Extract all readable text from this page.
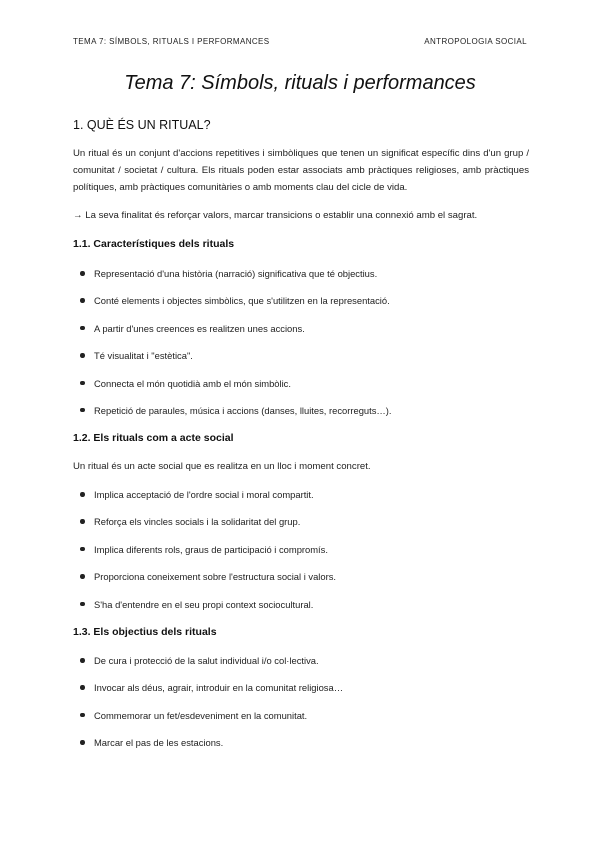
TEMA 7: SÍMBOLS, RITUALS I PERFORMANCES	ANTROPOLOGIA SOCIAL
Tema 7: Símbols, rituals i performances
1. QUÈ ÉS UN RITUAL?
Un ritual és un conjunt d'accions repetitives i simbòliques que tenen un significat específic dins d'un grup / comunitat / societat / cultura. Els rituals poden estar associats amb pràctiques religioses, amb pràctiques polítiques, amb pràctiques comunitàries o amb moments clau del cicle de vida.
→ La seva finalitat és reforçar valors, marcar transicions o establir una connexió amb el sagrat.
1.1. Característiques dels rituals
Representació d'una història (narració) significativa que té objectius.
Conté elements i objectes simbòlics, que s'utilitzen en la representació.
A partir d'unes creences es realitzen unes accions.
Té visualitat i "estètica".
Connecta el món quotidià amb el món simbòlic.
Repetició de paraules, música i accions (danses, lluites, recorreguts…).
1.2. Els rituals com a acte social
Un ritual és un acte social que es realitza en un lloc i moment concret.
Implica acceptació de l'ordre social i moral compartit.
Reforça els vincles socials i la solidaritat del grup.
Implica diferents rols, graus de participació i compromís.
Proporciona coneixement sobre l'estructura social i valors.
S'ha d'entendre en el seu propi context sociocultural.
1.3. Els objectius dels rituals
De cura i protecció de la salut individual i/o col·lectiva.
Invocar als déus, agrair, introduir en la comunitat religiosa…
Commemorar un fet/esdeveniment en la comunitat.
Marcar el pas de les estacions.
